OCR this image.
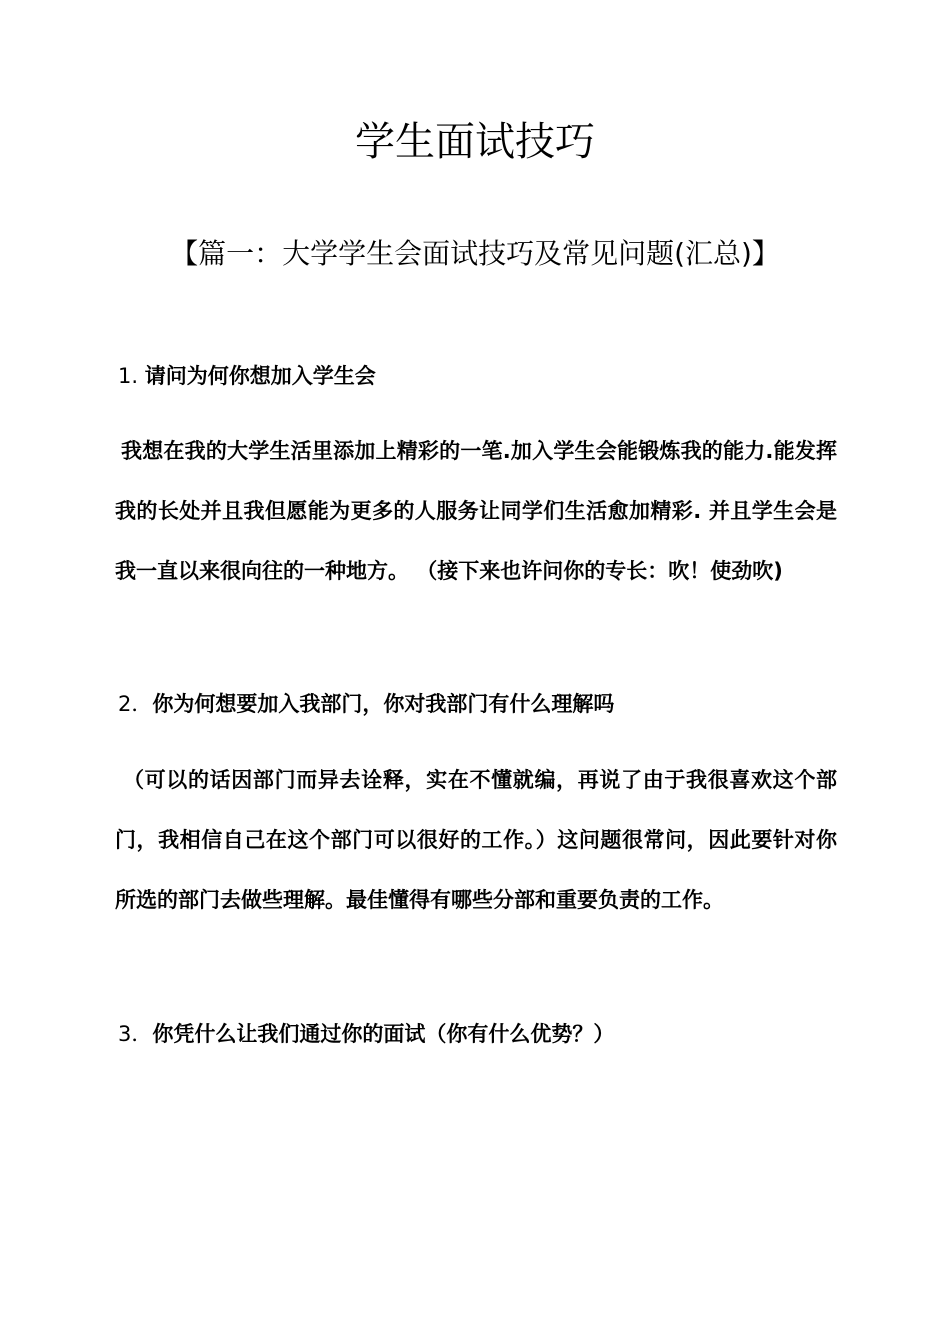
学生面试技巧
【篇一：大学学生会面试技巧及常见问题(汇总)】

1. 请问为何你想加入学生会

我想在我的大学生活里添加上精彩的一笔.加入学生会能锻炼我的能力.能发挥我的长处并且我但愿能为更多的人服务让同学们生活愈加精彩. 并且学生会是我一直以来很向往的一种地方。 （接下来也许问你的专长：吹！使劲吹)

2．你为何想要加入我部门，你对我部门有什么理解吗

（可以的话因部门而异去诠释，实在不懂就编，再说了由于我很喜欢这个部门，我相信自己在这个部门可以很好的工作。）这问题很常问，因此要针对你所选的部门去做些理解。最佳懂得有哪些分部和重要负责的工作。

3．你凭什么让我们通过你的面试（你有什么优势？）
